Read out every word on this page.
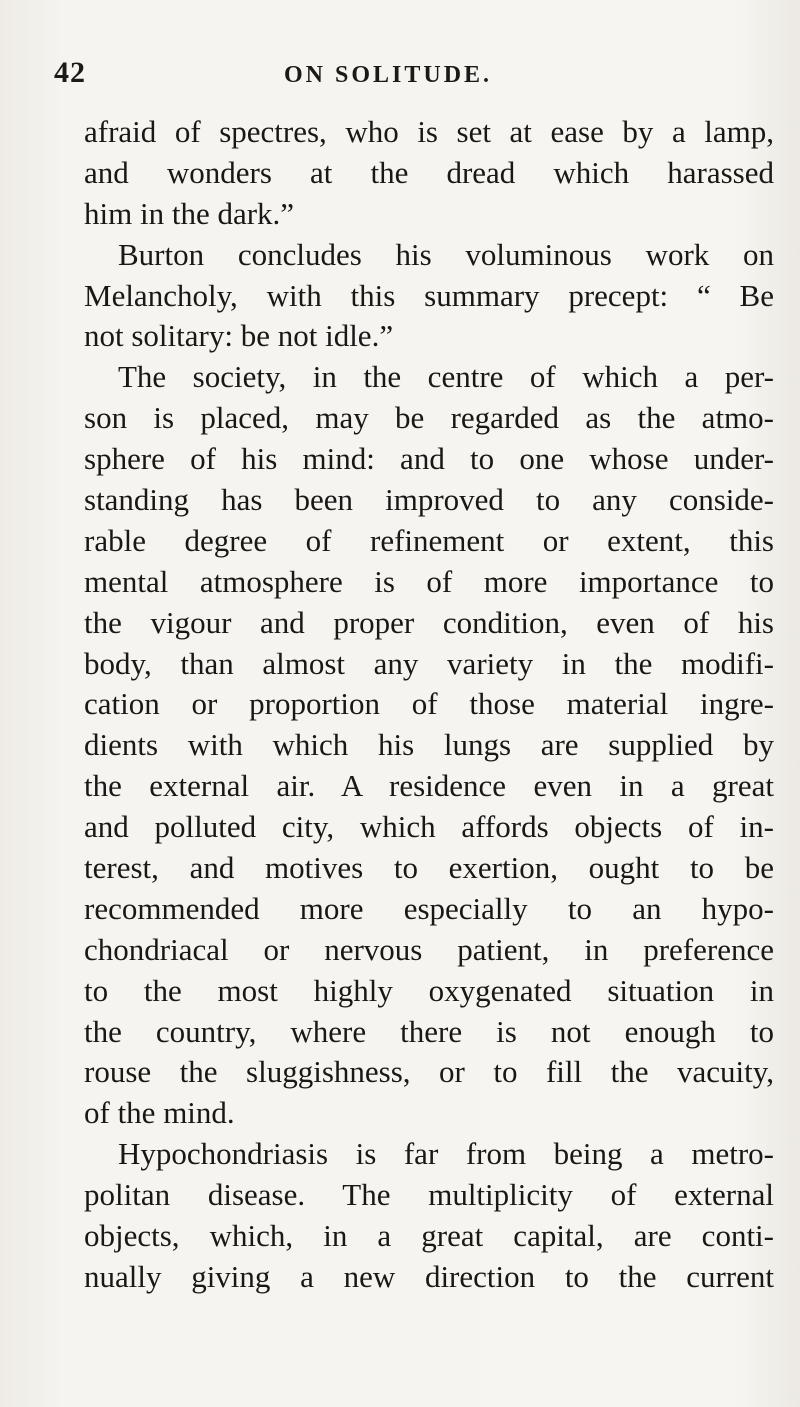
42	ON SOLITUDE.
afraid of spectres, who is set at ease by a lamp,
and wonders at the dread which harassed
him in the dark.”
Burton concludes his voluminous work on
Melancholy, with this summary precept: “ Be
not solitary: be not idle.”
The society, in the centre of which a per-
son is placed, may be regarded as the atmo-
sphere of his mind: and to one whose under-
standing has been improved to any conside-
rable degree of refinement or extent, this
mental atmosphere is of more importance to
the vigour and proper condition, even of his
body, than almost any variety in the modifi-
cation or proportion of those material ingre-
dients with which his lungs are supplied by
the external air. A residence even in a great
and polluted city, which affords objects of in-
terest, and motives to exertion, ought to be
recommended more especially to an hypo-
chondriacal or nervous patient, in preference
to the most highly oxygenated situation in
the country, where there is not enough to
rouse the sluggishness, or to fill the vacuity,
of the mind.
Hypochondriasis is far from being a metro-
politan disease. The multiplicity of external
objects, which, in a great capital, are conti-
nually giving a new direction to the current
